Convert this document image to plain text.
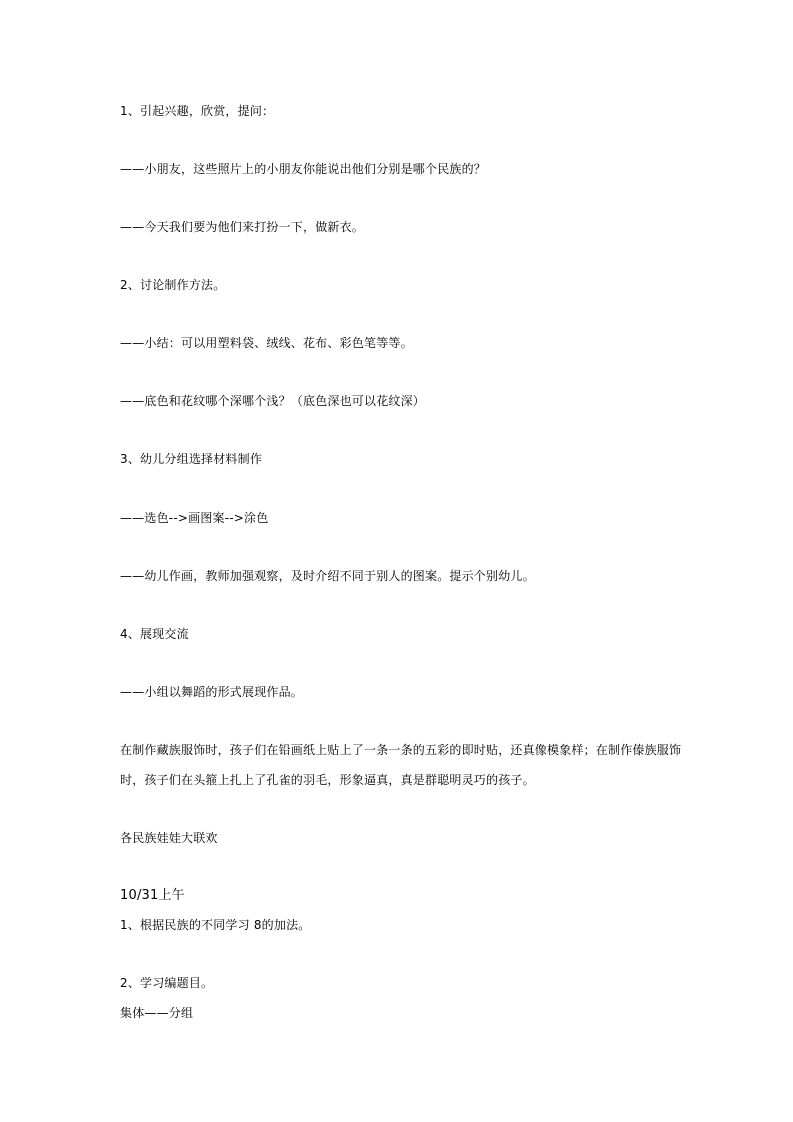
1、引起兴趣，欣赏，提问：
——小朋友，这些照片上的小朋友你能说出他们分别是哪个民族的？
——今天我们要为他们来打扮一下，做新衣。
2、讨论制作方法。
——小结：可以用塑料袋、绒线、花布、彩色笔等等。
——底色和花纹哪个深哪个浅？（底色深也可以花纹深）
3、幼儿分组选择材料制作
——选色-->画图案-->涂色
——幼儿作画，教师加强观察，及时介绍不同于别人的图案。提示个别幼儿。
4、展现交流
——小组以舞蹈的形式展现作品。
在制作藏族服饰时，孩子们在铅画纸上贴上了一条一条的五彩的即时贴，还真像模象样；在制作傣族服饰
时，孩子们在头箍上扎上了孔雀的羽毛，形象逼真，真是群聪明灵巧的孩子。
各民族娃娃大联欢
10/31上午
1、根据民族的不同学习 8的加法。
2、学习编题目。
集体——分组
